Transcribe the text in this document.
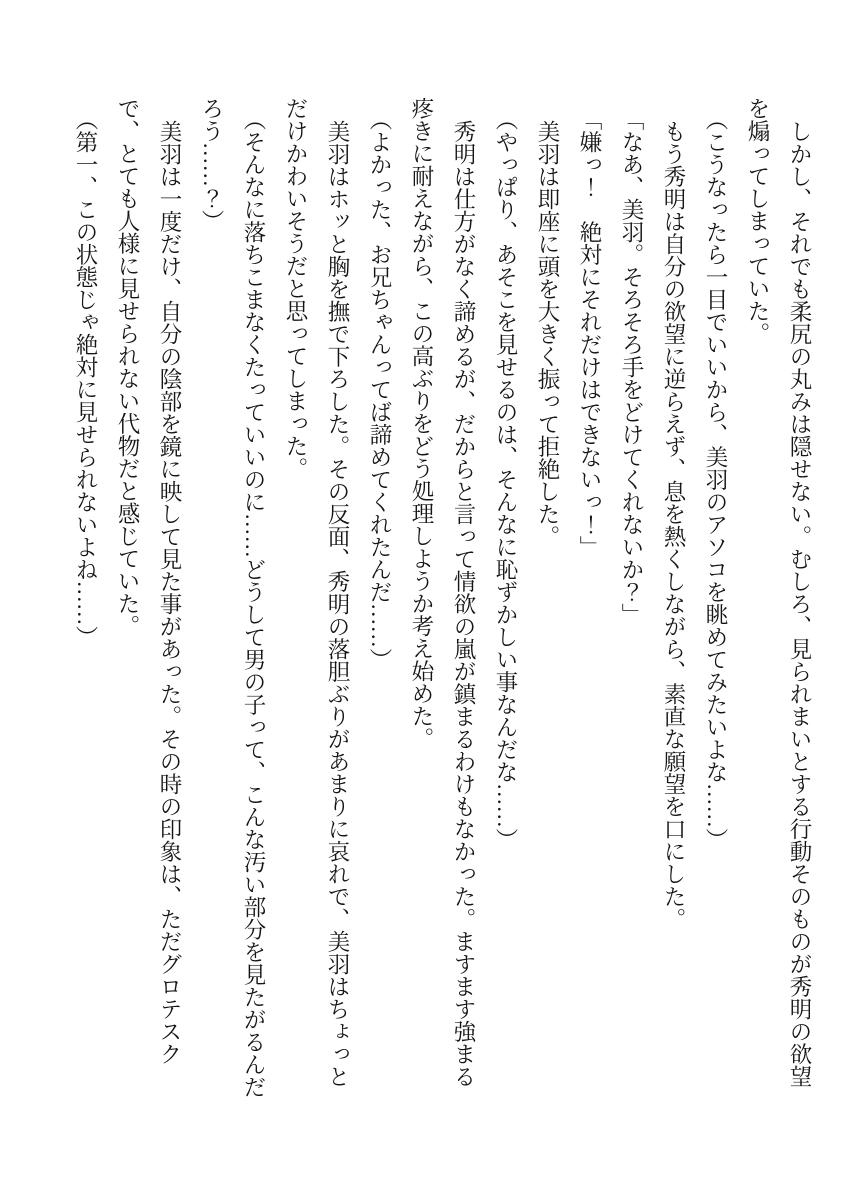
しかし、それでも柔尻の丸みは隠せない。むしろ、見られまいとする行動そのものが秀明の欲望を煽ってしまっていた。

（こうなったら一目でいいから、美羽のアソコを眺めてみたいよな……）

もう秀明は自分の欲望に逆らえず、息を熱くしながら、素直な願望を口にした。

「なあ、美羽。そろそろ手をどけてくれないか？」

「嫌っ！　絶対にそれだけはできないっ！」

美羽は即座に頭を大きく振って拒絶した。

（やっぱり、あそこを見せるのは、そんなに恥ずかしい事なんだな……）

秀明は仕方がなく諦めるが、だからと言って情欲の嵐が鎮まるわけもなかった。ますます強まる疼きに耐えながら、この高ぶりをどう処理しようか考え始めた。

（よかった、お兄ちゃんってば諦めてくれたんだ……）

美羽はホッと胸を撫で下ろした。その反面、秀明の落胆ぶりがあまりに哀れで、美羽はちょっとだけかわいそうだと思ってしまった。

（そんなに落ちこまなくたっていいのに……どうして男の子って、こんな汚い部分を見たがるんだろう……？）

美羽は一度だけ、自分の陰部を鏡に映して見た事があった。その時の印象は、ただグロテスクで、とても人様に見せられない代物だと感じていた。

（第一、この状態じゃ絶対に見せられないよね……）
